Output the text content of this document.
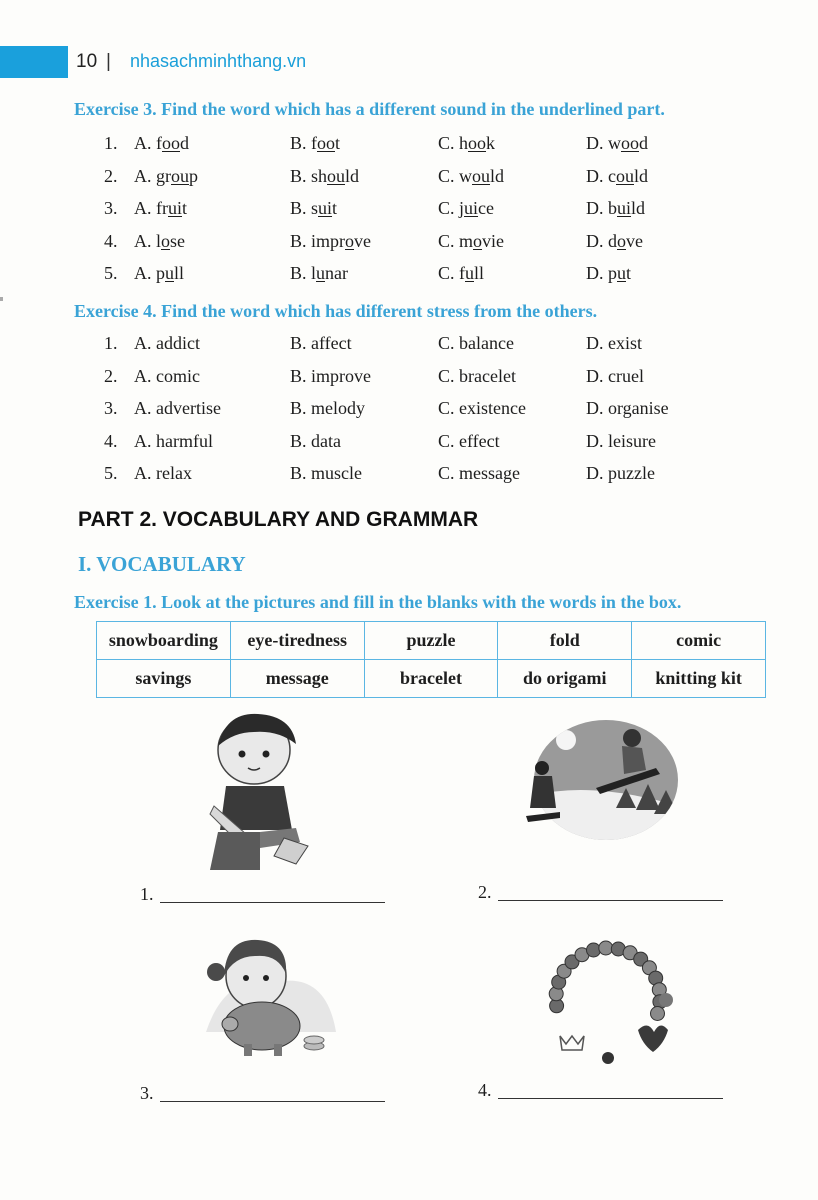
10 | nhasachminhthang.vn
Exercise 3. Find the word which has a different sound in the underlined part.
1. A. food	B. foot	C. hook	D. wood
2. A. group	B. should	C. would	D. could
3. A. fruit	B. suit	C. juice	D. build
4. A. lose	B. improve	C. movie	D. dove
5. A. pull	B. lunar	C. full	D. put
Exercise 4. Find the word which has different stress from the others.
1. A. addict	B. affect	C. balance	D. exist
2. A. comic	B. improve	C. bracelet	D. cruel
3. A. advertise	B. melody	C. existence	D. organise
4. A. harmful	B. data	C. effect	D. leisure
5. A. relax	B. muscle	C. message	D. puzzle
PART 2. VOCABULARY AND GRAMMAR
I. VOCABULARY
Exercise 1. Look at the pictures and fill in the blanks with the words in the box.
snowboarding	eye-tiredness	puzzle	fold	comic
savings	message	bracelet	do origami	knitting kit
1.	2.
3.	4.
